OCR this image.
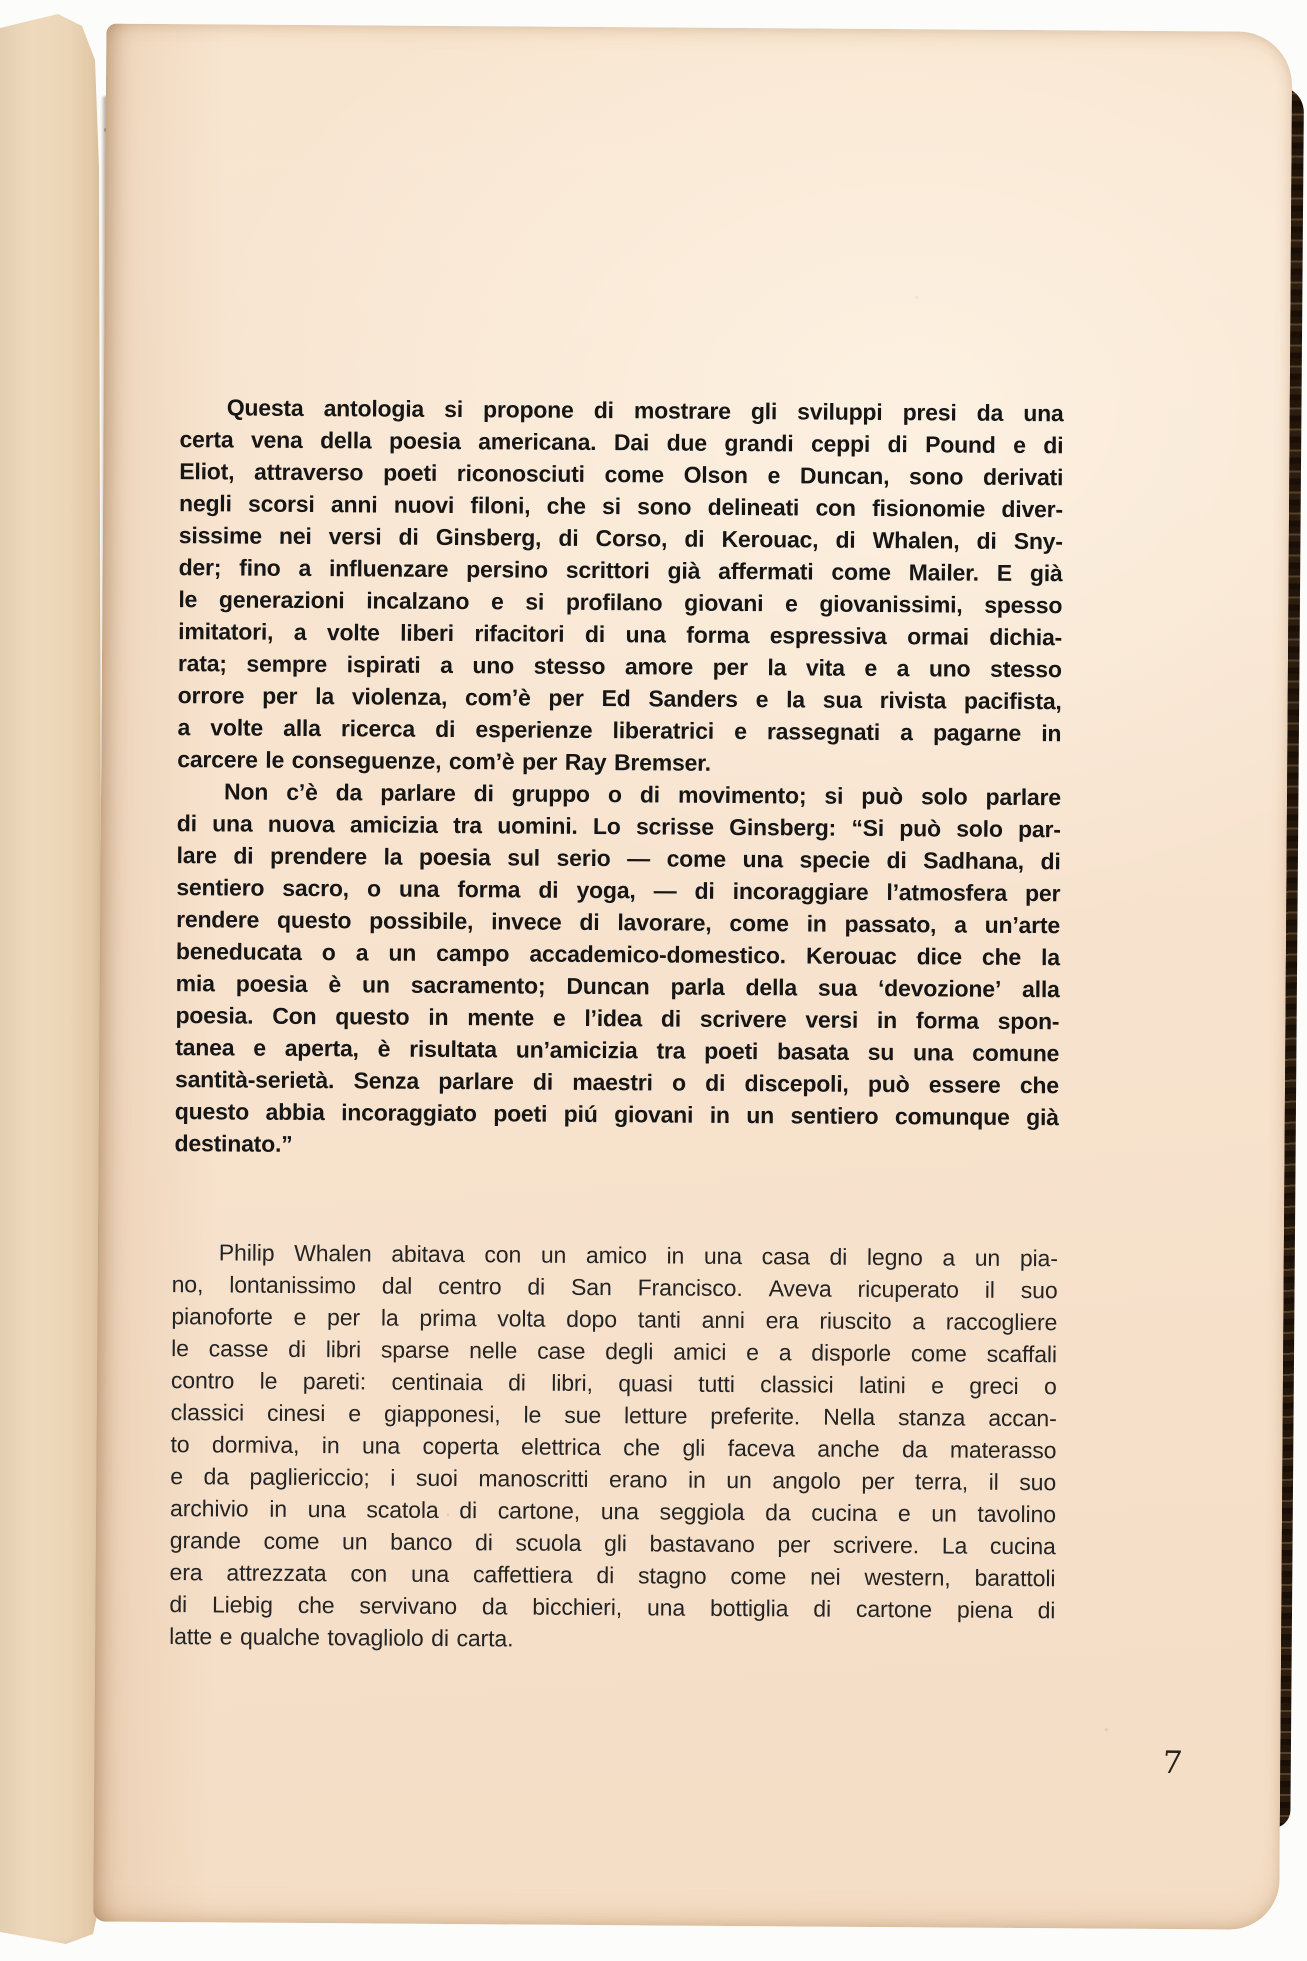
Questa antologia si propone di mostrare gli sviluppi presi da una
certa vena della poesia americana. Dai due grandi ceppi di Pound e di
Eliot, attraverso poeti riconosciuti come Olson e Duncan, sono derivati
negli scorsi anni nuovi filoni, che si sono delineati con fisionomie diver-
sissime nei versi di Ginsberg, di Corso, di Kerouac, di Whalen, di Sny-
der; fino a influenzare persino scrittori già affermati come Mailer. E già
le generazioni incalzano e si profilano giovani e giovanissimi, spesso
imitatori, a volte liberi rifacitori di una forma espressiva ormai dichia-
rata; sempre ispirati a uno stesso amore per la vita e a uno stesso
orrore per la violenza, com’è per Ed Sanders e la sua rivista pacifista,
a volte alla ricerca di esperienze liberatrici e rassegnati a pagarne in
carcere le conseguenze, com’è per Ray Bremser.
Non c’è da parlare di gruppo o di movimento; si può solo parlare
di una nuova amicizia tra uomini. Lo scrisse Ginsberg: “Si può solo par-
lare di prendere la poesia sul serio — come una specie di Sadhana, di
sentiero sacro, o una forma di yoga, — di incoraggiare l’atmosfera per
rendere questo possibile, invece di lavorare, come in passato, a un’arte
beneducata o a un campo accademico-domestico. Kerouac dice che la
mia poesia è un sacramento; Duncan parla della sua ‘devozione’ alla
poesia. Con questo in mente e l’idea di scrivere versi in forma spon-
tanea e aperta, è risultata un’amicizia tra poeti basata su una comune
santità-serietà. Senza parlare di maestri o di discepoli, può essere che
questo abbia incoraggiato poeti piú giovani in un sentiero comunque già
destinato.”
Philip Whalen abitava con un amico in una casa di legno a un pia-
no, lontanissimo dal centro di San Francisco. Aveva ricuperato il suo
pianoforte e per la prima volta dopo tanti anni era riuscito a raccogliere
le casse di libri sparse nelle case degli amici e a disporle come scaffali
contro le pareti: centinaia di libri, quasi tutti classici latini e greci o
classici cinesi e giapponesi, le sue letture preferite. Nella stanza accan-
to dormiva, in una coperta elettrica che gli faceva anche da materasso
e da pagliericcio; i suoi manoscritti erano in un angolo per terra, il suo
archivio in una scatola di cartone, una seggiola da cucina e un tavolino
grande come un banco di scuola gli bastavano per scrivere. La cucina
era attrezzata con una caffettiera di stagno come nei western, barattoli
di Liebig che servivano da bicchieri, una bottiglia di cartone piena di
latte e qualche tovagliolo di carta.
7
